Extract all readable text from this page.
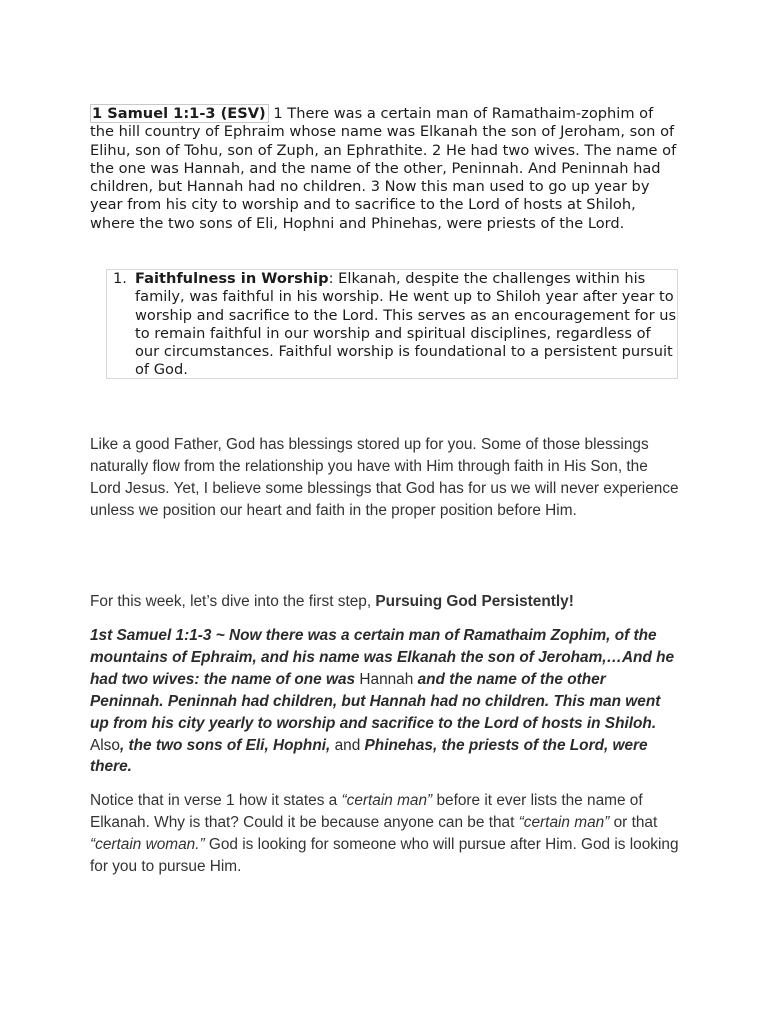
1 Samuel 1:1-3 (ESV) 1 There was a certain man of Ramathaim-zophim of the hill country of Ephraim whose name was Elkanah the son of Jeroham, son of Elihu, son of Tohu, son of Zuph, an Ephrathite. 2 He had two wives. The name of the one was Hannah, and the name of the other, Peninnah. And Peninnah had children, but Hannah had no children. 3 Now this man used to go up year by year from his city to worship and to sacrifice to the Lord of hosts at Shiloh, where the two sons of Eli, Hophni and Phinehas, were priests of the Lord.

1. Faithfulness in Worship: Elkanah, despite the challenges within his family, was faithful in his worship. He went up to Shiloh year after year to worship and sacrifice to the Lord. This serves as an encouragement for us to remain faithful in our worship and spiritual disciplines, regardless of our circumstances. Faithful worship is foundational to a persistent pursuit of God.

Like a good Father, God has blessings stored up for you. Some of those blessings naturally flow from the relationship you have with Him through faith in His Son, the Lord Jesus. Yet, I believe some blessings that God has for us we will never experience unless we position our heart and faith in the proper position before Him.

For this week, let’s dive into the first step, Pursuing God Persistently!

1st Samuel 1:1-3 ~ Now there was a certain man of Ramathaim Zophim, of the mountains of Ephraim, and his name was Elkanah the son of Jeroham,…And he had two wives: the name of one was Hannah and the name of the other Peninnah. Peninnah had children, but Hannah had no children. This man went up from his city yearly to worship and sacrifice to the Lord of hosts in Shiloh. Also, the two sons of Eli, Hophni, and Phinehas, the priests of the Lord, were there.

Notice that in verse 1 how it states a “certain man” before it ever lists the name of Elkanah. Why is that? Could it be because anyone can be that “certain man” or that “certain woman.” God is looking for someone who will pursue after Him. God is looking for you to pursue Him.
